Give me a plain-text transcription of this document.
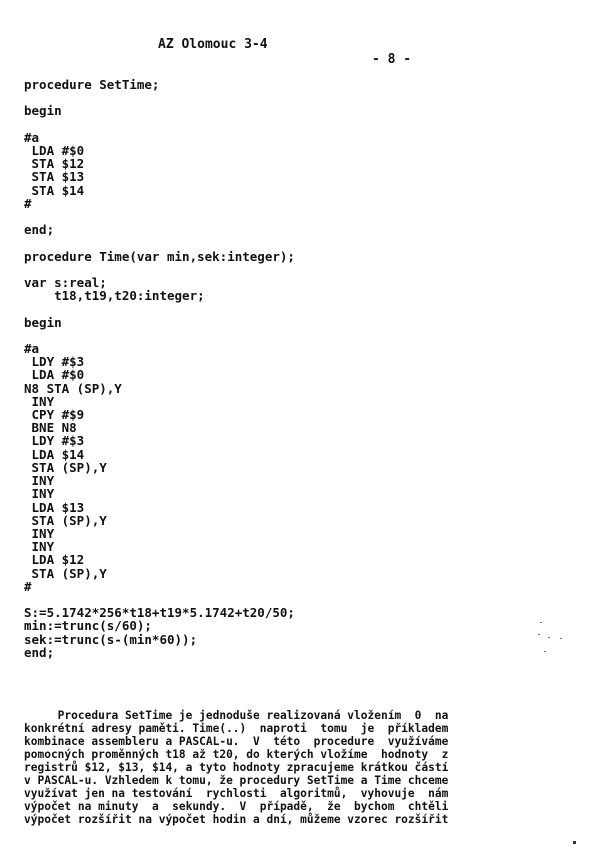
AZ Olomouc 3-4

- 8 -

procedure SetTime;

begin

#a
LDA #$0
STA $12
STA $13
STA $14
#

end;

procedure Time(var min,sek:integer);

var s:real;
t18,t19,t20:integer;

begin

#a
LDY #$3
LDA #$0
N8 STA (SP),Y
INY
CPY #$9
BNE N8
LDY #$3
LDA $14
STA (SP),Y
INY
INY
LDA $13
STA (SP),Y
INY
INY
LDA $12
STA (SP),Y
#

S:=5.1742*256*t18+t19*5.1742+t20/50;
min:=trunc(s/60);
sek:=trunc(s-(min*60));
end;
Procedura SetTime je jednoduše realizovaná vložením  0  na
konkrétní adresy paměti. Time(..)  naproti  tomu  je  příkladem
kombinace assembleru a PASCAL-u.  V  této  procedure  využíváme
pomocných proměnných t18 až t20, do kterých vložíme  hodnoty  z
registrů $12, $13, $14, a tyto hodnoty zpracujeme krátkou částí
v PASCAL-u. Vzhledem k tomu, že procedury SetTime a Time chceme
využívat jen na testování  rychlosti  algoritmů,  vyhovuje  nám
výpočet na minuty  a  sekundy.  V  případě,  že  bychom  chtěli
výpočet rozšířit na výpočet hodin a dní, můžeme vzorec rozšířit
